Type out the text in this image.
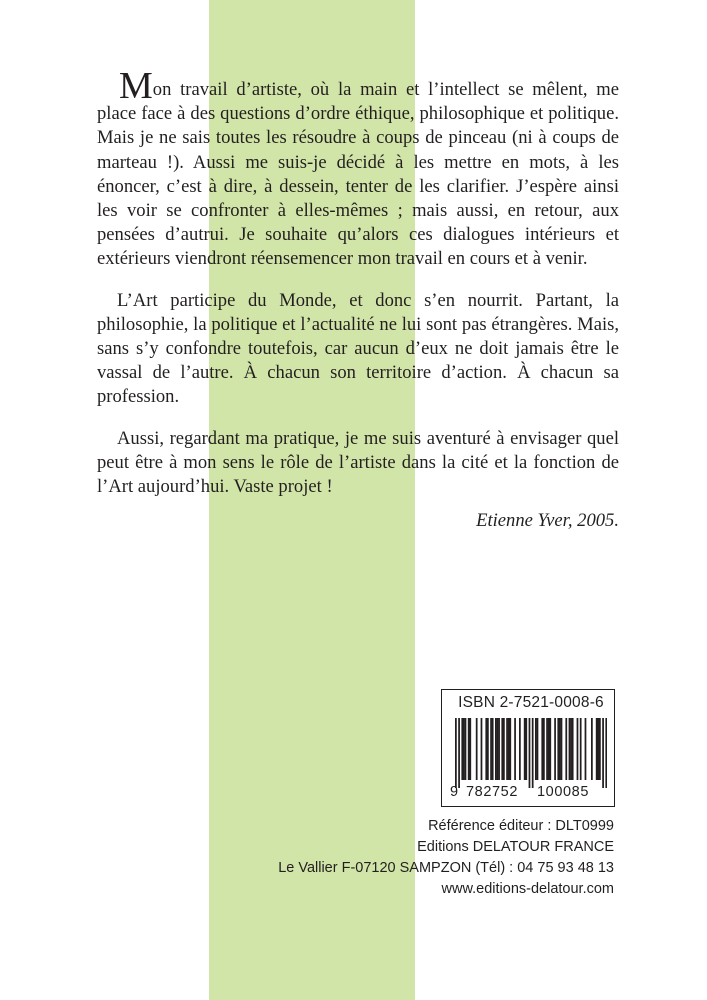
Mon travail d’artiste, où la main et l’intellect se mêlent, me place face à des questions d’ordre éthique, philosophique et politique. Mais je ne sais toutes les résoudre à coups de pinceau (ni à coups de marteau !). Aussi me suis-je décidé à les mettre en mots, à les énoncer, c’est à dire, à dessein, tenter de les clarifier. J’espère ainsi les voir se confronter à elles-mêmes ; mais aussi, en retour, aux pensées d’autrui. Je souhaite qu’alors ces dialogues intérieurs et extérieurs viendront réensemencer mon travail en cours et à venir.

L’Art participe du Monde, et donc s’en nourrit. Partant, la philosophie, la politique et l’actualité ne lui sont pas étrangères. Mais, sans s’y confondre toutefois, car aucun d’eux ne doit jamais être le vassal de l’autre. À chacun son territoire d’action. À chacun sa profession.

Aussi, regardant ma pratique, je me suis aventuré à envisager quel peut être à mon sens le rôle de l’artiste dans la cité et la fonction de l’Art aujourd’hui. Vaste projet !

Etienne Yver, 2005.
ISBN 2-7521-0008-6
9 782752 100085
Référence éditeur : DLT0999
Editions DELATOUR FRANCE
Le Vallier F-07120 SAMPZON (Tél) : 04 75 93 48 13
www.editions-delatour.com
